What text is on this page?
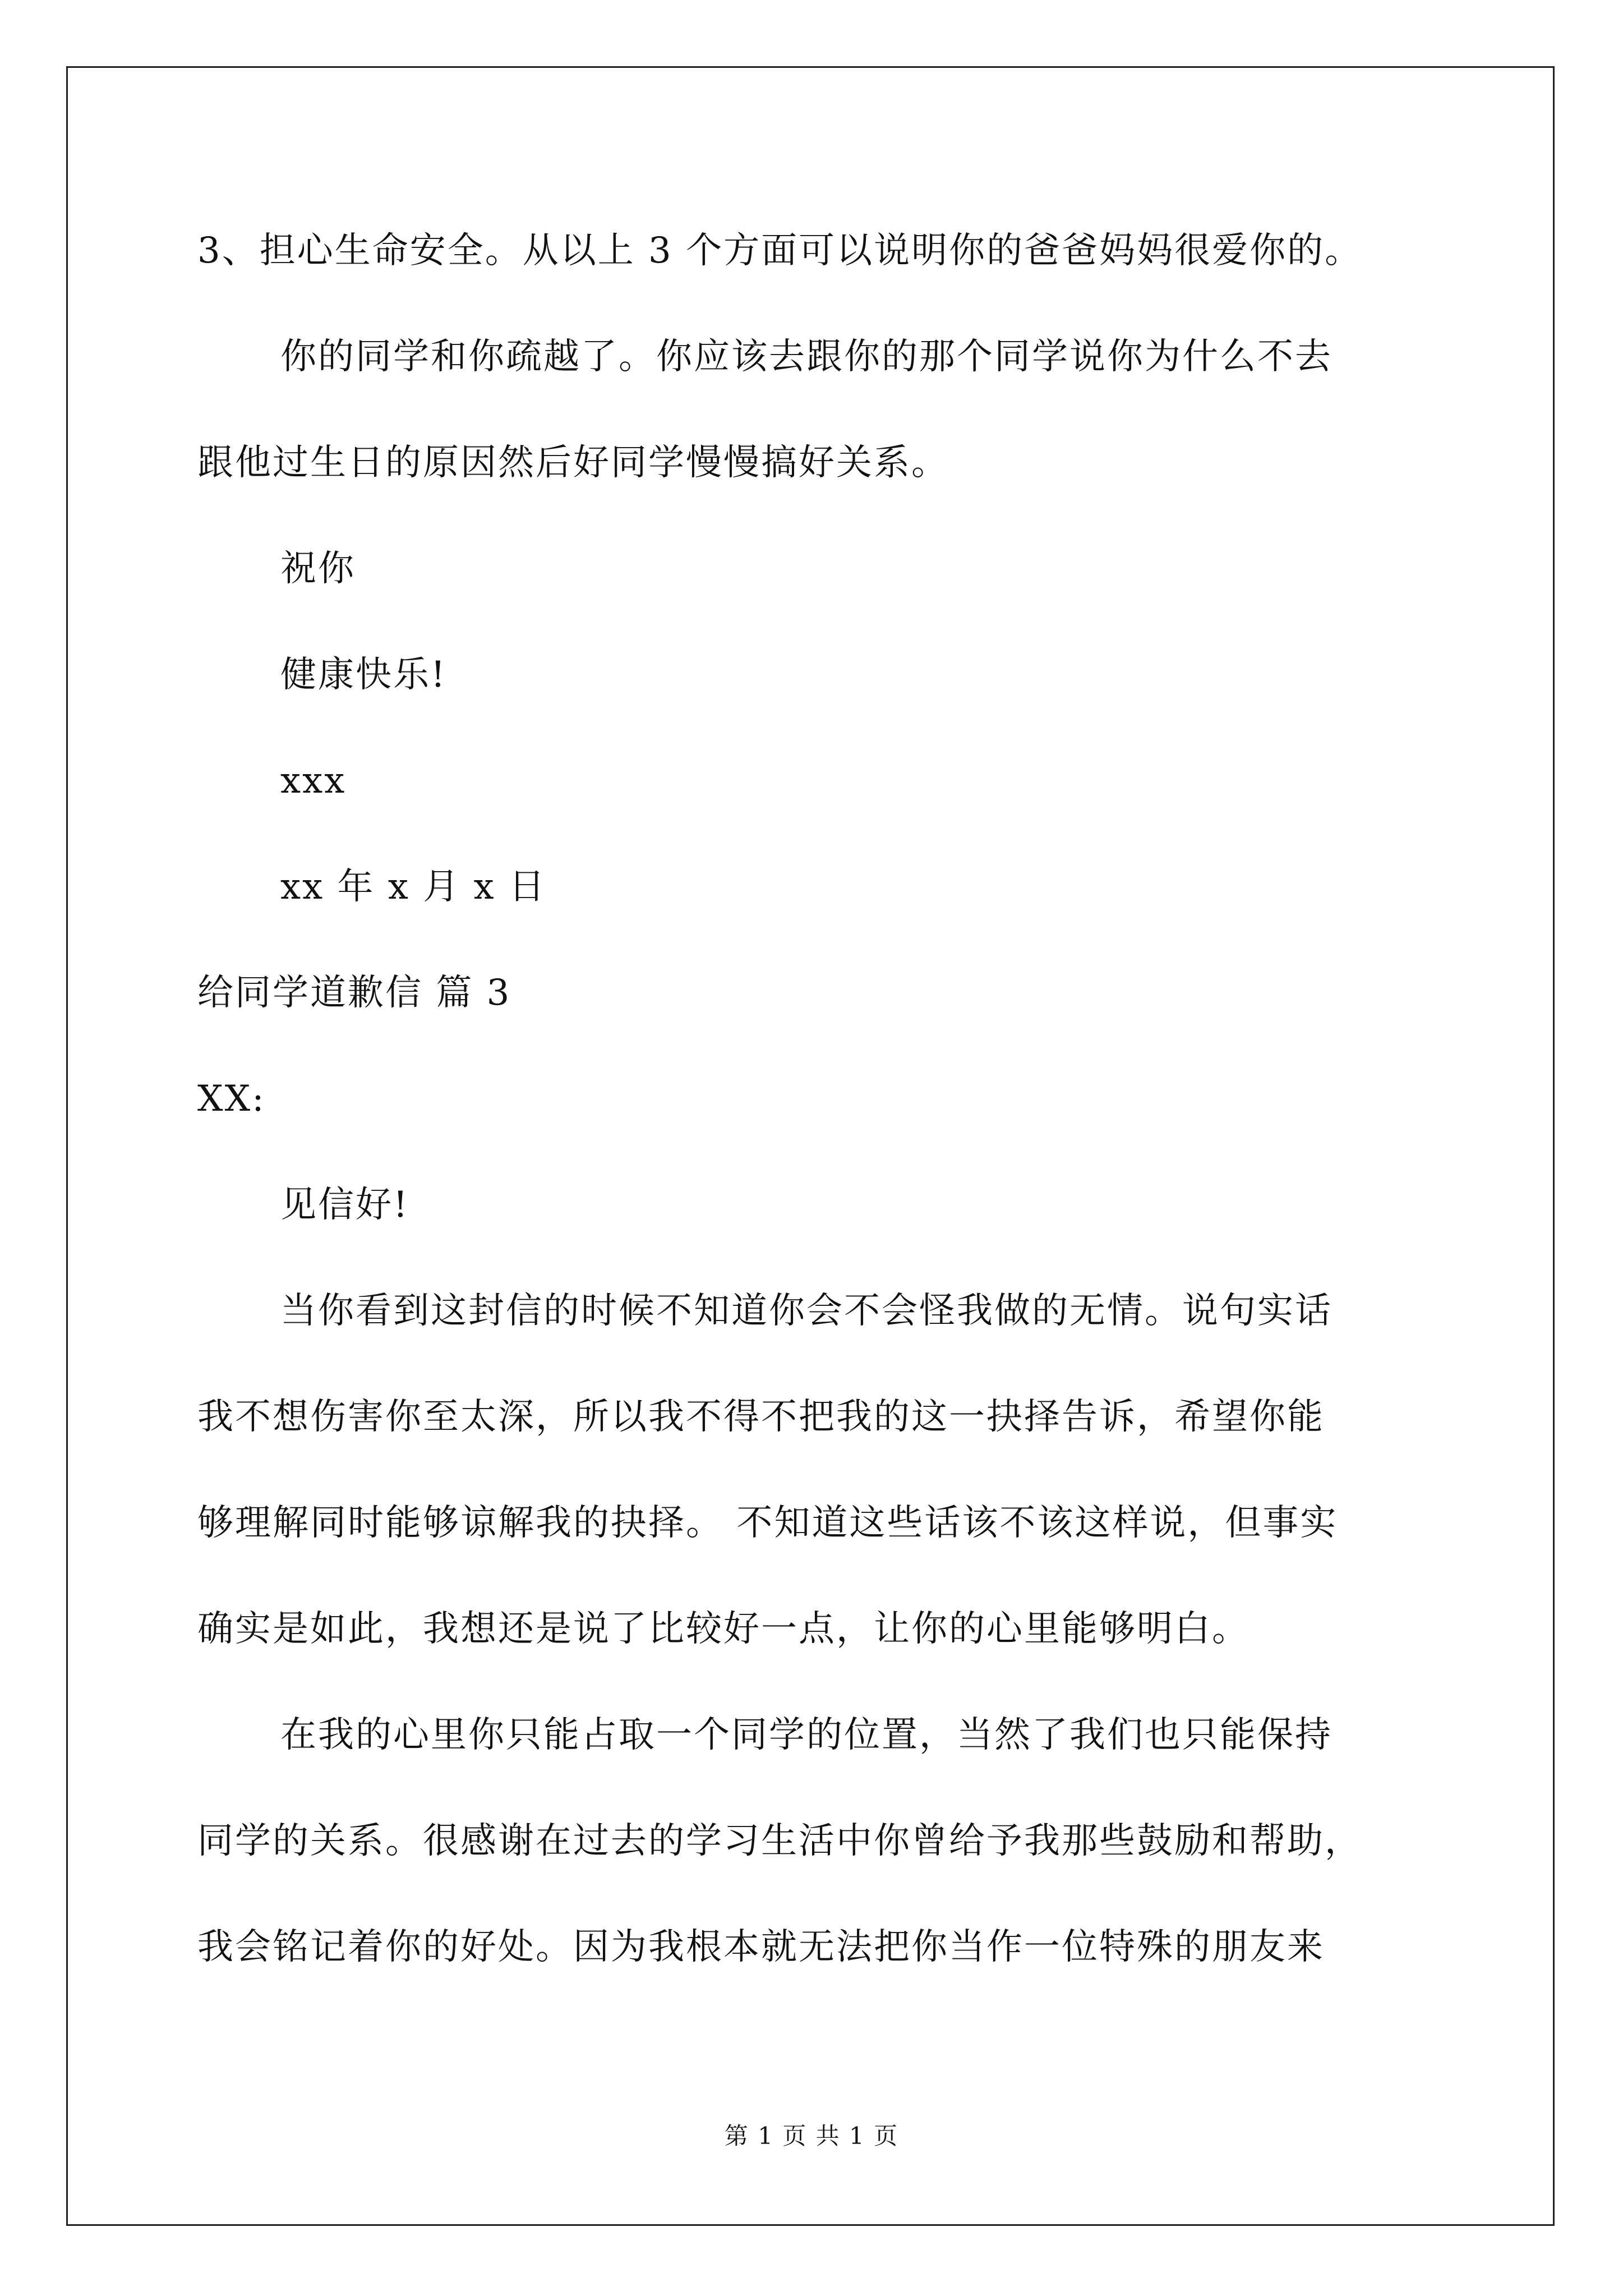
3、担心生命安全。从以上 3 个方面可以说明你的爸爸妈妈很爱你的。
你的同学和你疏越了。你应该去跟你的那个同学说你为什么不去
跟他过生日的原因然后好同学慢慢搞好关系。
祝你
健康快乐!
xxx
xx 年 x 月 x 日
给同学道歉信 篇 3
XX:
见信好!
当你看到这封信的时候不知道你会不会怪我做的无情。说句实话
我不想伤害你至太深，所以我不得不把我的这一抉择告诉，希望你能
够理解同时能够谅解我的抉择。 不知道这些话该不该这样说，但事实
确实是如此，我想还是说了比较好一点，让你的心里能够明白。
在我的心里你只能占取一个同学的位置，当然了我们也只能保持
同学的关系。很感谢在过去的学习生活中你曾给予我那些鼓励和帮助，
我会铭记着你的好处。因为我根本就无法把你当作一位特殊的朋友来
第 1 页 共 1 页
